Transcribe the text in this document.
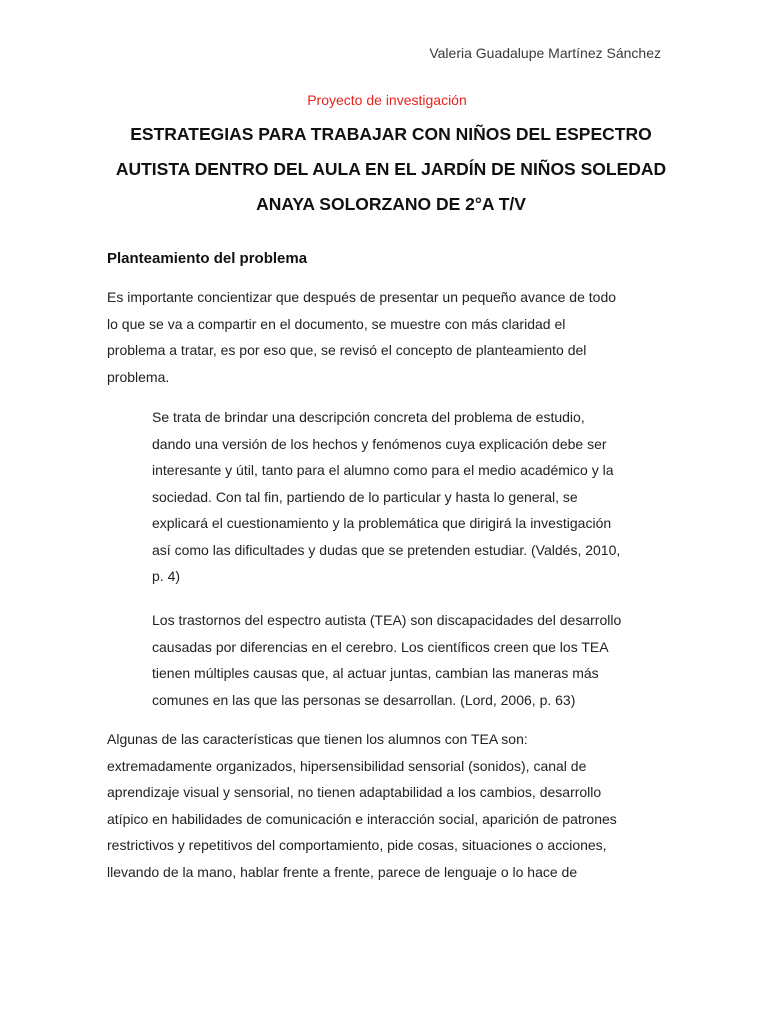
Valeria Guadalupe Martínez Sánchez
Proyecto de investigación
ESTRATEGIAS PARA TRABAJAR CON NIÑOS DEL ESPECTRO
AUTISTA DENTRO DEL AULA EN EL JARDÍN DE NIÑOS SOLEDAD
ANAYA SOLORZANO DE 2°A T/V
Planteamiento del problema
Es importante concientizar que después de presentar un pequeño avance de todo
lo que se va a compartir en el documento, se muestre con más claridad el
problema a tratar, es por eso que, se revisó el concepto de planteamiento del
problema.
Se trata de brindar una descripción concreta del problema de estudio,
dando una versión de los hechos y fenómenos cuya explicación debe ser
interesante y útil, tanto para el alumno como para el medio académico y la
sociedad. Con tal fin, partiendo de lo particular y hasta lo general, se
explicará el cuestionamiento y la problemática que dirigirá la investigación
así como las dificultades y dudas que se pretenden estudiar. (Valdés, 2010,
p. 4)
Los trastornos del espectro autista (TEA) son discapacidades del desarrollo
causadas por diferencias en el cerebro. Los científicos creen que los TEA
tienen múltiples causas que, al actuar juntas, cambian las maneras más
comunes en las que las personas se desarrollan. (Lord, 2006, p. 63)
Algunas de las características que tienen los alumnos con TEA son:
extremadamente organizados, hipersensibilidad sensorial (sonidos), canal de
aprendizaje visual y sensorial, no tienen adaptabilidad a los cambios, desarrollo
atípico en habilidades de comunicación e interacción social, aparición de patrones
restrictivos y repetitivos del comportamiento, pide cosas, situaciones o acciones,
llevando de la mano, hablar frente a frente, parece de lenguaje o lo hace de
